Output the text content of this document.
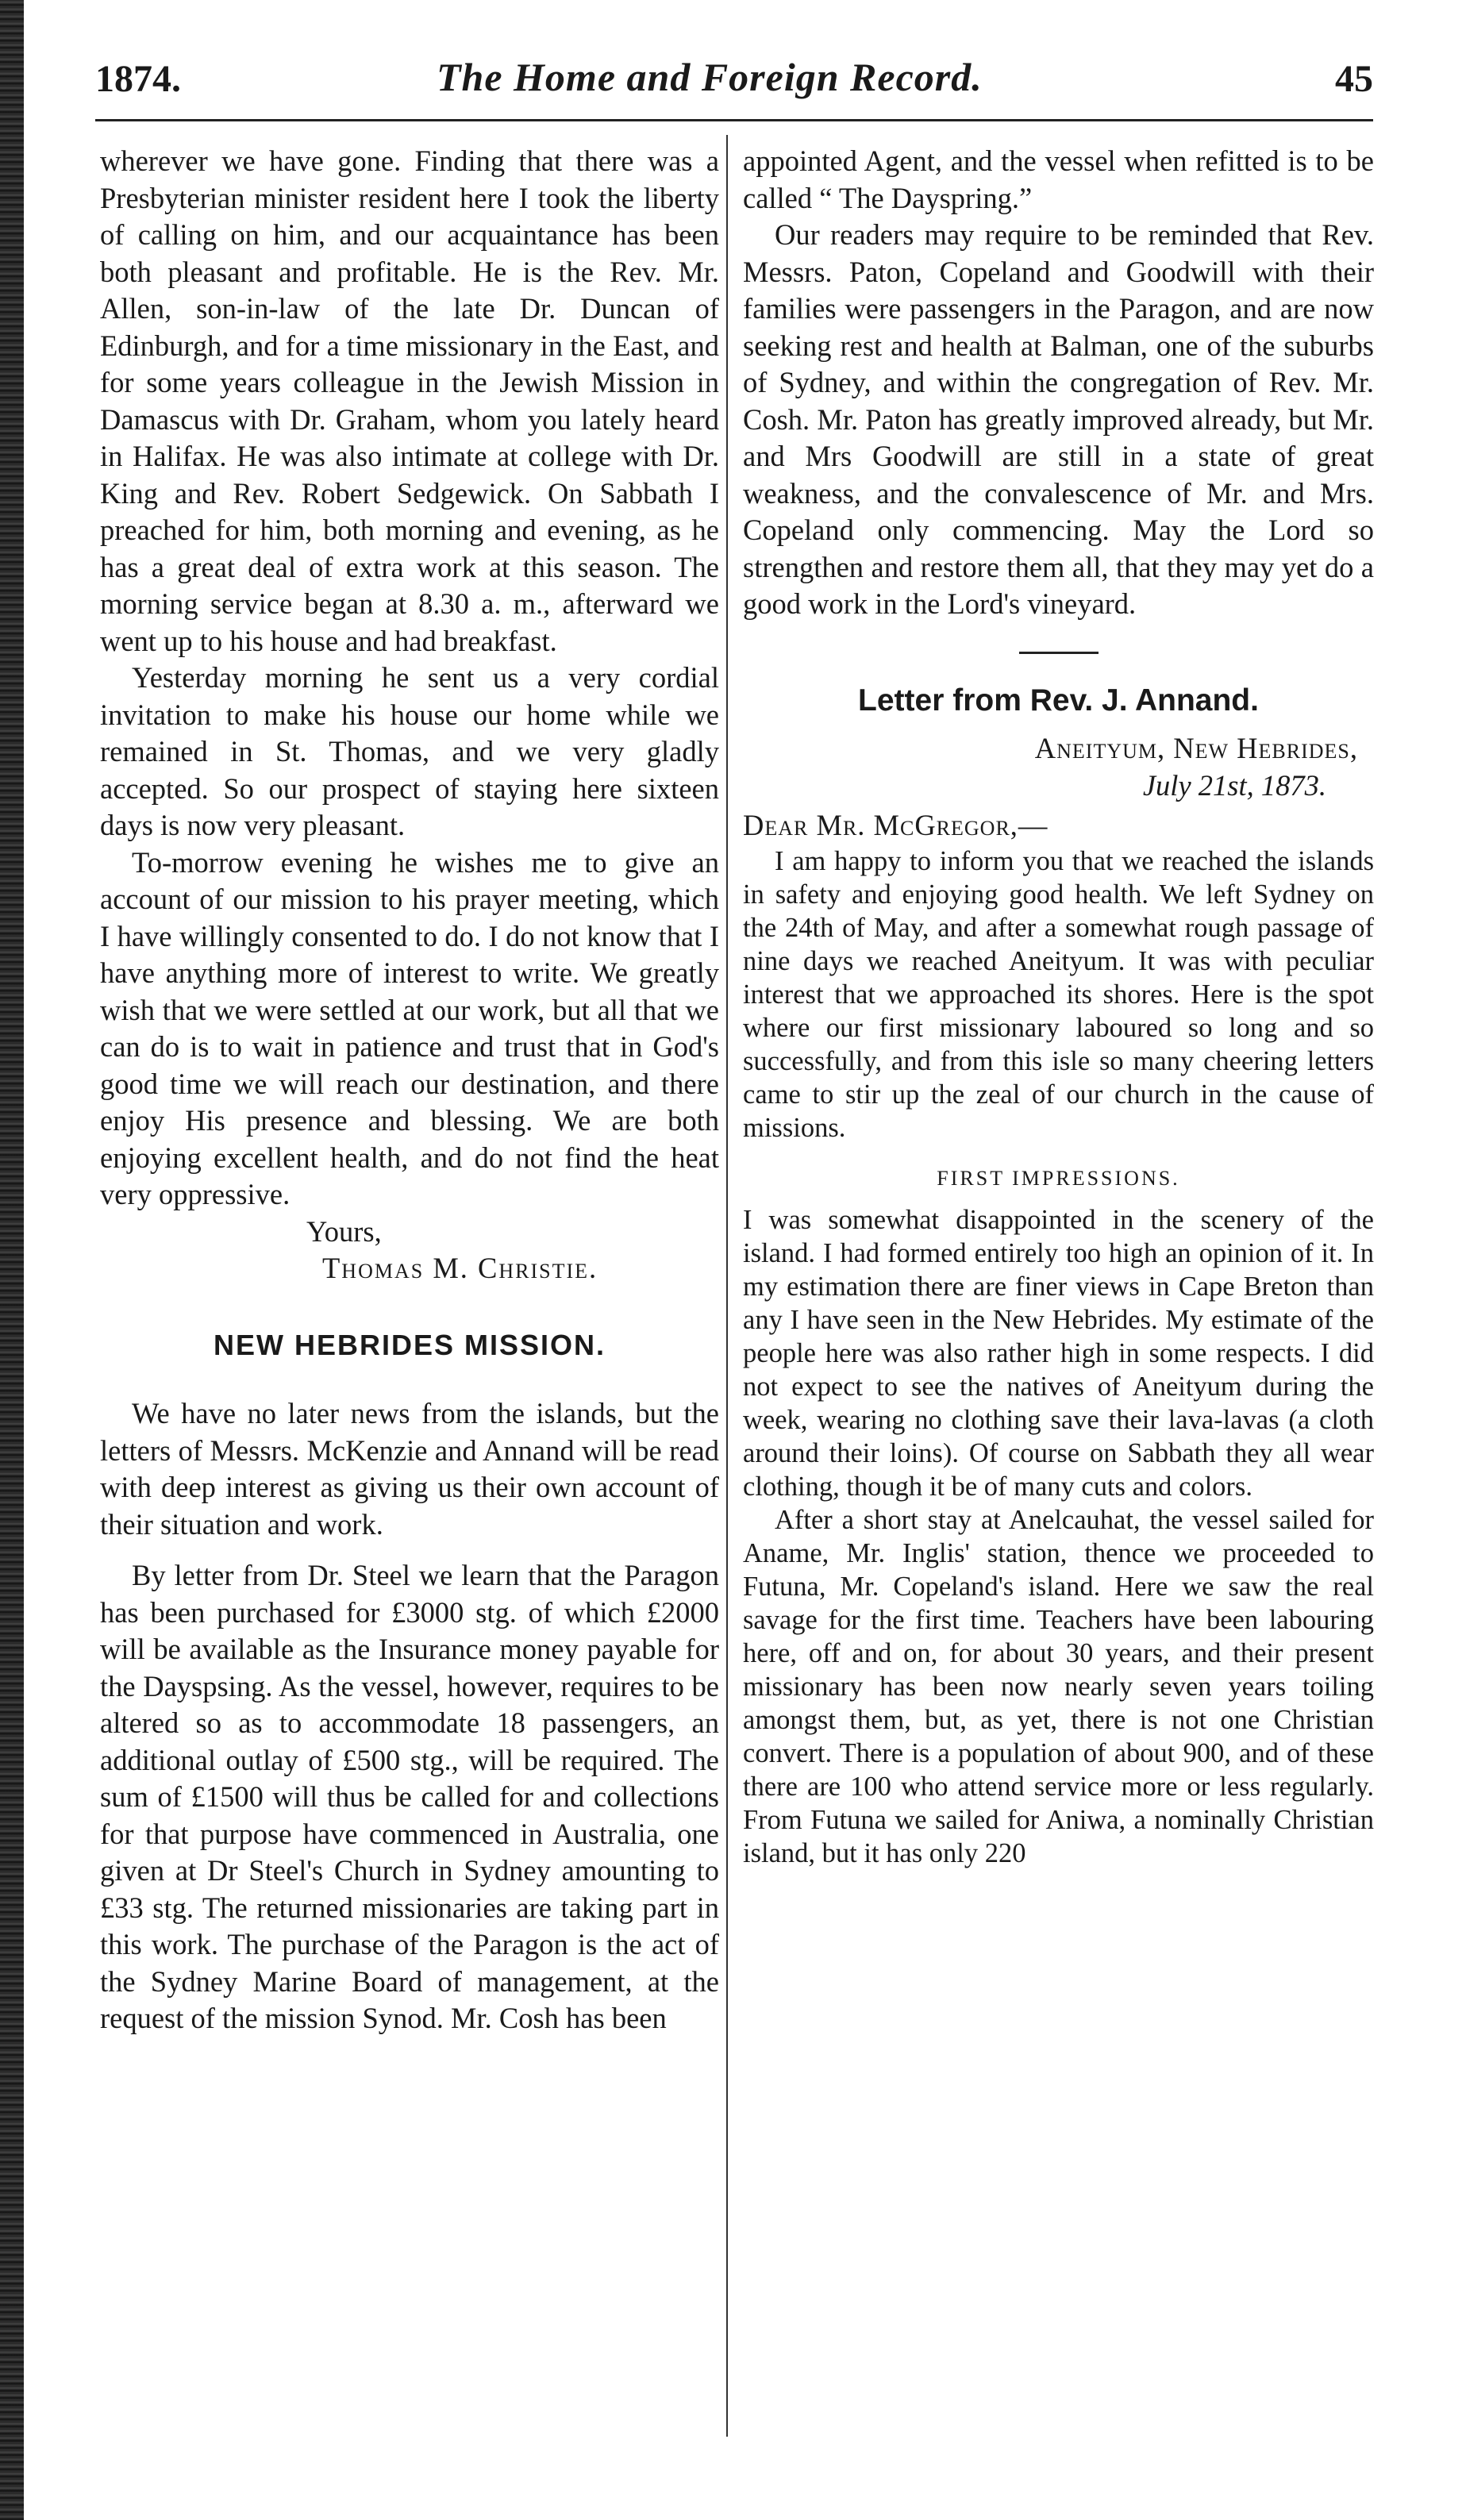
1874.	The Home and Foreign Record.	45

wherever we have gone. Finding that there was a Presbyterian minister resident here I took the liberty of calling on him, and our acquaintance has been both pleasant and profitable. He is the Rev. Mr. Allen, son-in-law of the late Dr. Duncan of Edinburgh, and for a time missionary in the East, and for some years colleague in the Jewish Mission in Damascus with Dr. Graham, whom you lately heard in Halifax. He was also intimate at college with Dr. King and Rev. Robert Sedgewick. On Sabbath I preached for him, both morning and evening, as he has a great deal of extra work at this season. The morning service began at 8.30 a. m., afterward we went up to his house and had breakfast.

Yesterday morning he sent us a very cordial invitation to make his house our home while we remained in St. Thomas, and we very gladly accepted. So our prospect of staying here sixteen days is now very pleasant.

To-morrow evening he wishes me to give an account of our mission to his prayer meeting, which I have willingly consented to do. I do not know that I have anything more of interest to write. We greatly wish that we were settled at our work, but all that we can do is to wait in patience and trust that in God's good time we will reach our destination, and there enjoy His presence and blessing. We are both enjoying excellent health, and do not find the heat very oppressive.

Yours,

Thomas M. Christie.

NEW HEBRIDES MISSION.

We have no later news from the islands, but the letters of Messrs. McKenzie and Annand will be read with deep interest as giving us their own account of their situation and work.

By letter from Dr. Steel we learn that the Paragon has been purchased for £3000 stg. of which £2000 will be available as the Insurance money payable for the Dayspsing. As the vessel, however, requires to be altered so as to accommodate 18 passengers, an additional outlay of £500 stg., will be required. The sum of £1500 will thus be called for and collections for that purpose have commenced in Australia, one given at Dr Steel's Church in Sydney amounting to £33 stg. The returned missionaries are taking part in this work. The purchase of the Paragon is the act of the Sydney Marine Board of management, at the request of the mission Synod. Mr. Cosh has been

appointed Agent, and the vessel when refitted is to be called “ The Dayspring.”

Our readers may require to be reminded that Rev. Messrs. Paton, Copeland and Goodwill with their families were passengers in the Paragon, and are now seeking rest and health at Balman, one of the suburbs of Sydney, and within the congregation of Rev. Mr. Cosh. Mr. Paton has greatly improved already, but Mr. and Mrs Goodwill are still in a state of great weakness, and the convalescence of Mr. and Mrs. Copeland only commencing. May the Lord so strengthen and restore them all, that they may yet do a good work in the Lord's vineyard.

Letter from Rev. J. Annand.

Aneityum, New Hebrides,

July 21st, 1873.

Dear Mr. McGregor,—

I am happy to inform you that we reached the islands in safety and enjoying good health. We left Sydney on the 24th of May, and after a somewhat rough passage of nine days we reached Aneityum. It was with peculiar interest that we approached its shores. Here is the spot where our first missionary laboured so long and so successfully, and from this isle so many cheering letters came to stir up the zeal of our church in the cause of missions.

FIRST IMPRESSIONS.

I was somewhat disappointed in the scenery of the island. I had formed entirely too high an opinion of it. In my estimation there are finer views in Cape Breton than any I have seen in the New Hebrides. My estimate of the people here was also rather high in some respects. I did not expect to see the natives of Aneityum during the week, wearing no clothing save their lava-lavas (a cloth around their loins). Of course on Sabbath they all wear clothing, though it be of many cuts and colors.

After a short stay at Anelcauhat, the vessel sailed for Aname, Mr. Inglis' station, thence we proceeded to Futuna, Mr. Copeland's island. Here we saw the real savage for the first time. Teachers have been labouring here, off and on, for about 30 years, and their present missionary has been now nearly seven years toiling amongst them, but, as yet, there is not one Christian convert. There is a population of about 900, and of these there are 100 who attend service more or less regularly. From Futuna we sailed for Aniwa, a nominally Christian island, but it has only 220
